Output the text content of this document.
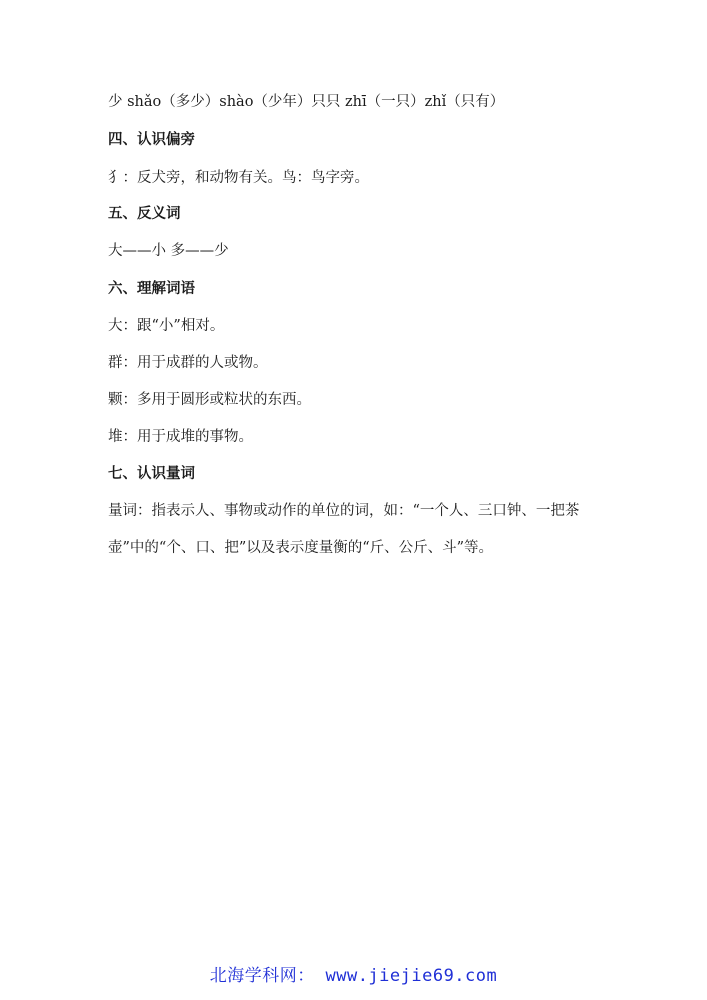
少 shǎo（多少）shào（少年）只只 zhī（一只）zhǐ（只有）
四、认识偏旁
犭：反犬旁，和动物有关。鸟：鸟字旁。
五、反义词
大——小 多——少
六、理解词语
大：跟“小”相对。
群：用于成群的人或物。
颗：多用于圆形或粒状的东西。
堆：用于成堆的事物。
七、认识量词
量词：指表示人、事物或动作的单位的词，如：“一个人、三口钟、一把茶
壶”中的“个、口、把”以及表示度量衡的“斤、公斤、斗”等。
北海学科网： www.jiejie69.com
